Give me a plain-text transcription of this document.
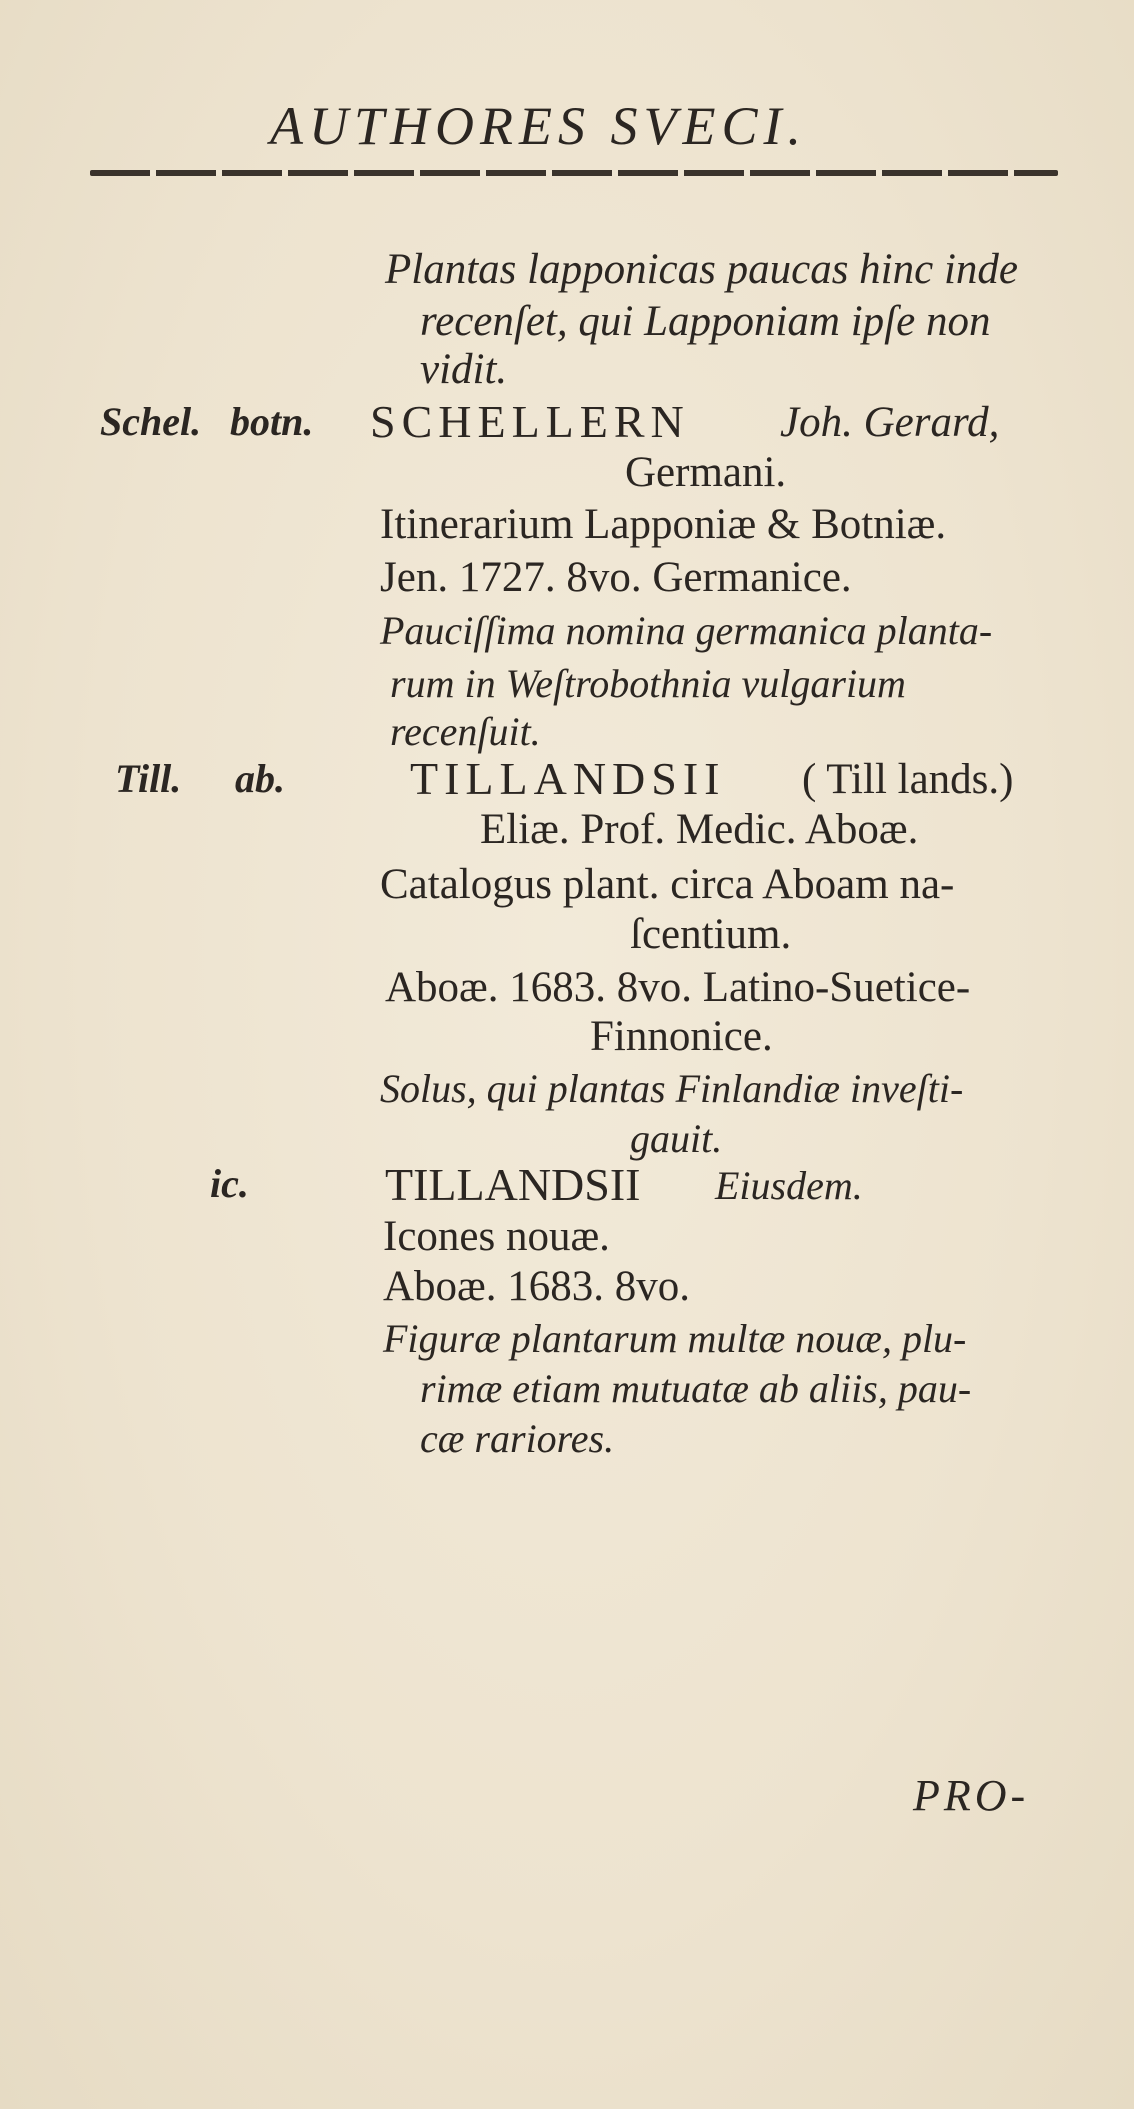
AUTHORES SVECI.
Plantas lapponicas paucas hinc inde
recenſet, qui Lapponiam ipſe non
vidit.
Schel. botn. SCHELLERN Joh. Gerard,
Germani.
Itinerarium Lapponiæ & Botniæ.
Jen. 1727. 8vo. Germanice.
Pauciſſima nomina germanica planta-
rum in Weſtrobothnia vulgarium
recenſuit.
Till. ab.	TILLANDSII ( Till lands.)
Eliæ. Prof. Medic. Aboæ.
Catalogus plant. circa Aboam na-
ſcentium.
Aboæ. 1683. 8vo. Latino-Suetice-
Finnonice.
Solus, qui plantas Finlandiæ inveſti-
gauit.
ic.	TILLANDSII Eiusdem.
Icones nouæ.
Aboæ. 1683. 8vo.
Figuræ plantarum multæ nouæ, plu-
rimæ etiam mutuatæ ab aliis, pau-
cæ rariores.
PRO-
